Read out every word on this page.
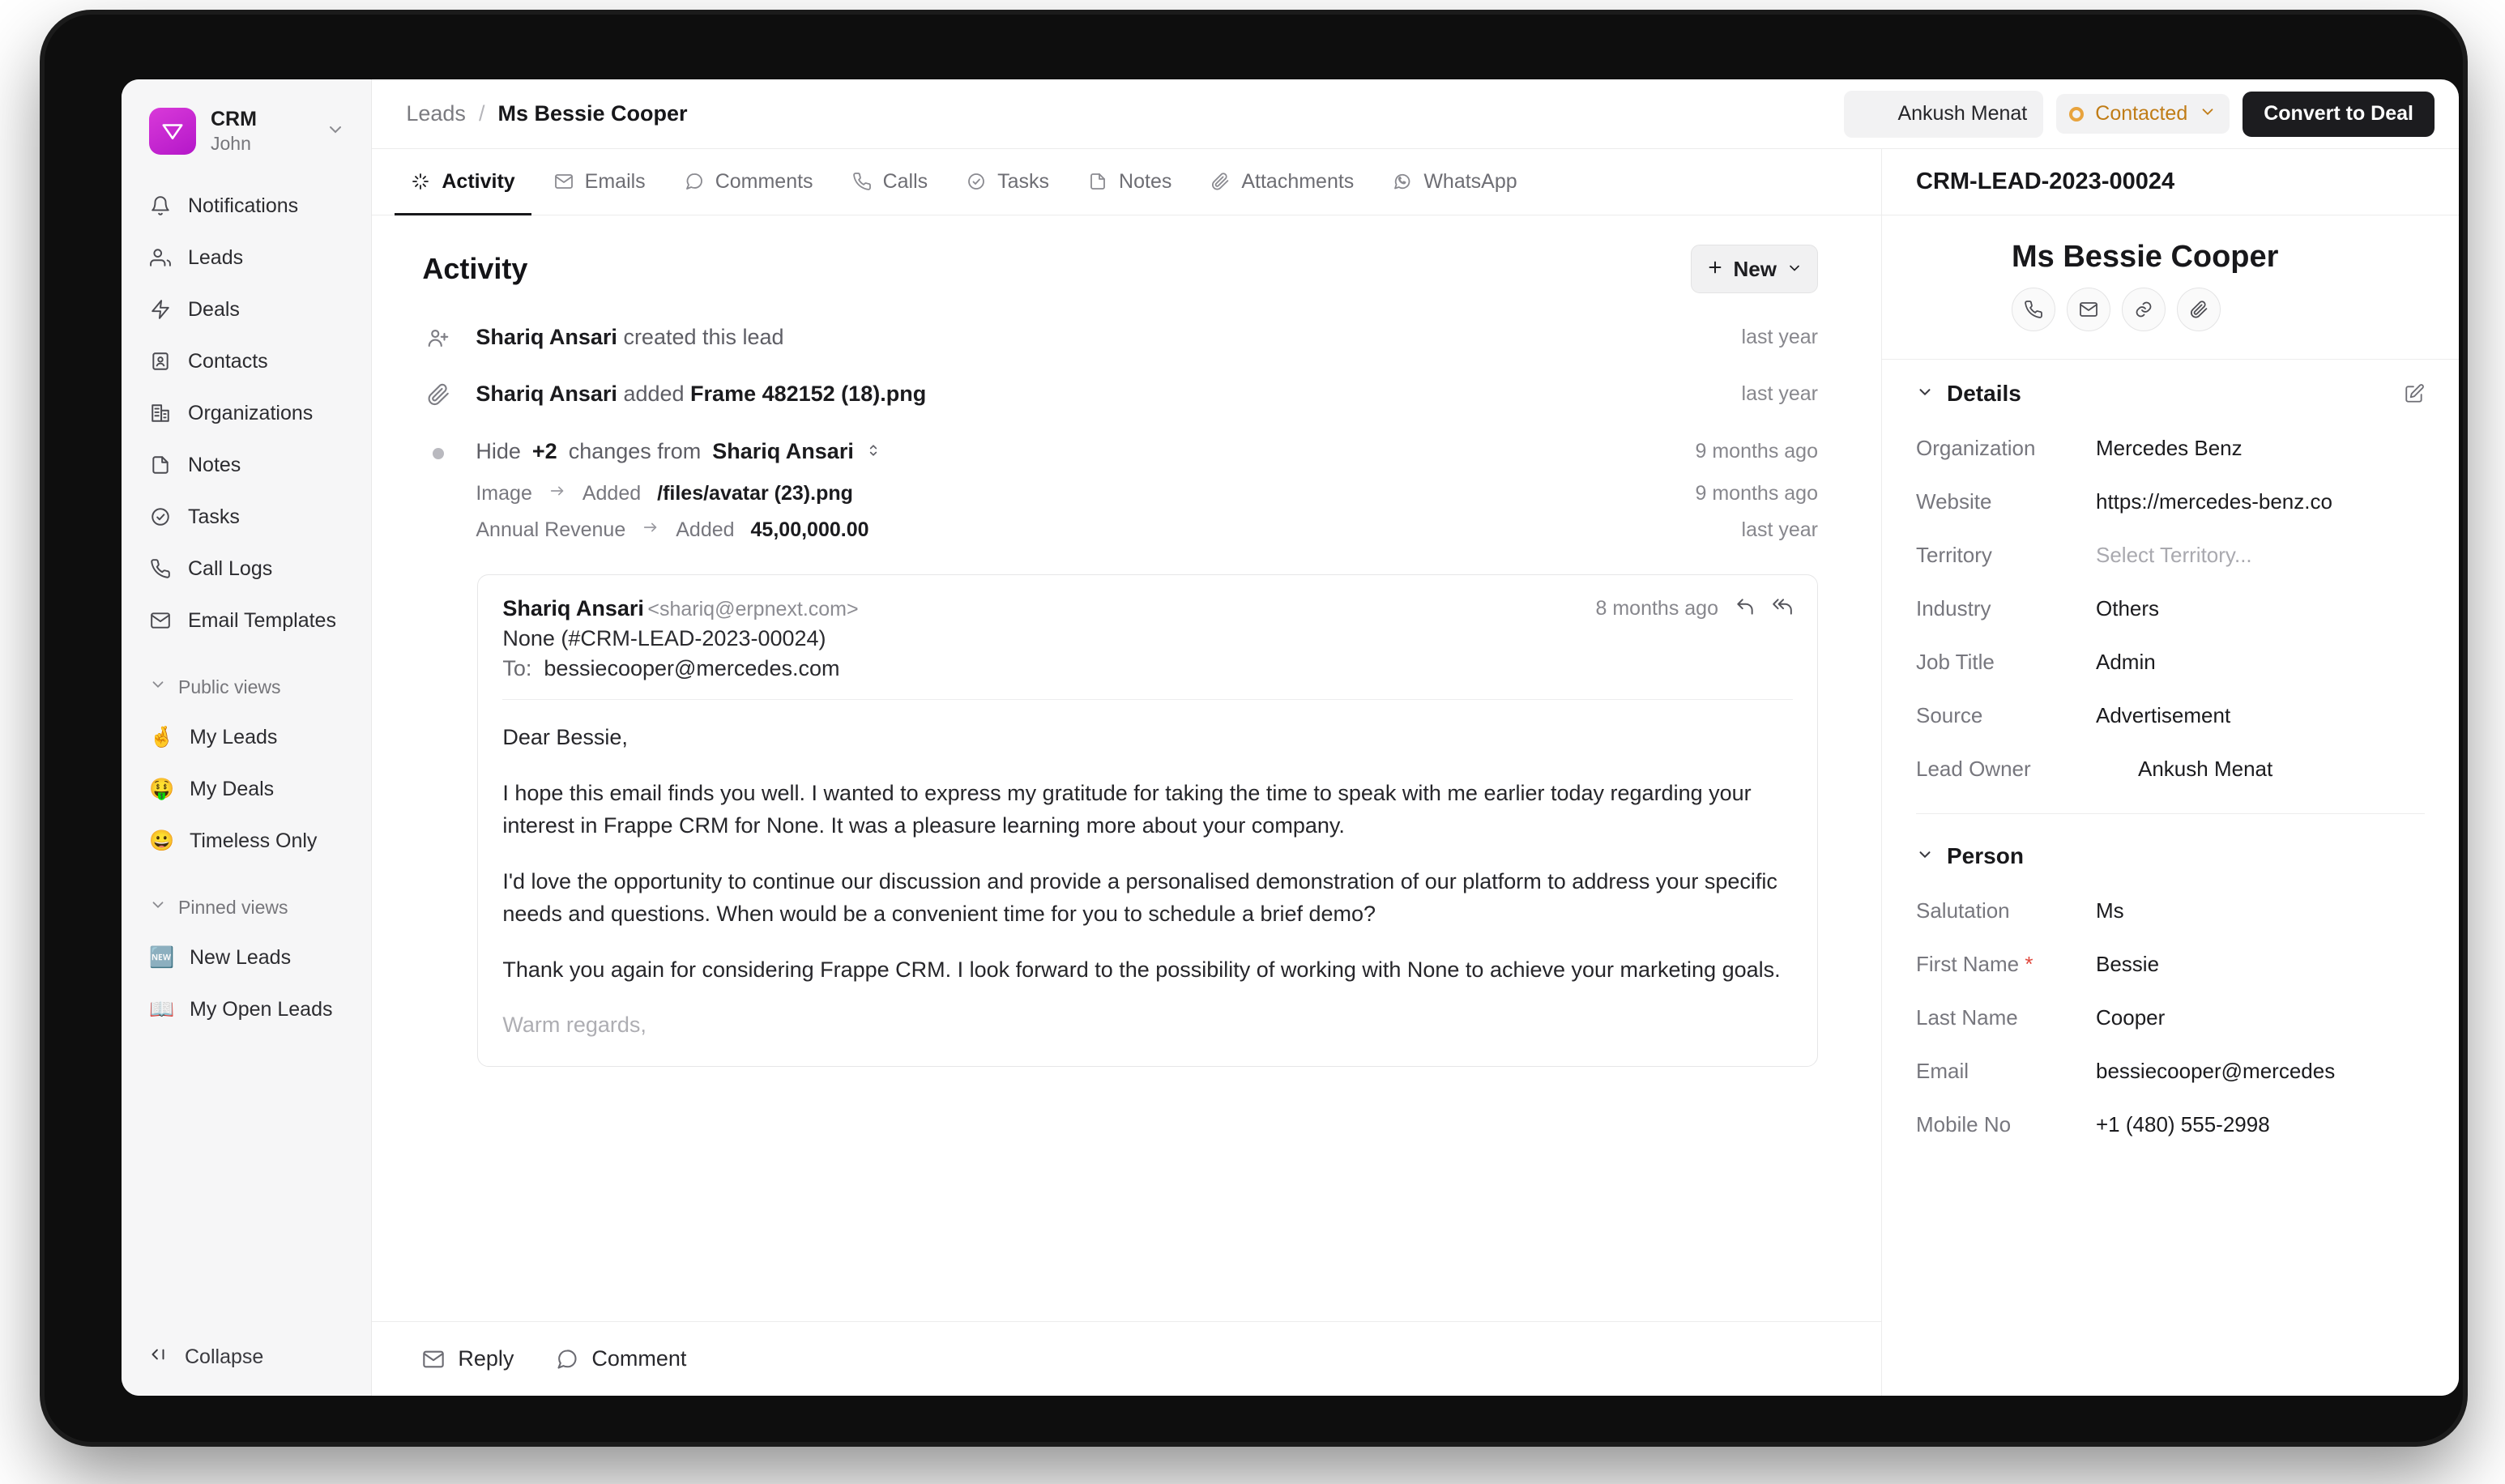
CRM
John
Notifications
Leads
Deals
Contacts
Organizations
Notes
Tasks
Call Logs
Email Templates
Public views
🤞 My Leads
🤑 My Deals
😀 Timeless Only
Pinned views
🆕 New Leads
📖 My Open Leads
Collapse
Leads / Ms Bessie Cooper	Ankush Menat	Contacted	Convert to Deal
Activity	Emails	Comments	Calls	Tasks	Notes	Attachments	WhatsApp
Activity	New
Shariq Ansari created this lead	last year
Shariq Ansari added Frame 482152 (18).png	last year
Hide +2 changes from Shariq Ansari	9 months ago
Image Added /files/avatar (23).png	9 months ago
Annual Revenue Added 45,00,000.00	last year
Shariq Ansari <shariq@erpnext.com>
None (#CRM-LEAD-2023-00024)
To: bessiecooper@mercedes.com
8 months ago

Dear Bessie,

I hope this email finds you well. I wanted to express my gratitude for taking the time to speak with me earlier today regarding your interest in Frappe CRM for None. It was a pleasure learning more about your company.

I'd love the opportunity to continue our discussion and provide a personalised demonstration of our platform to address your specific needs and questions. When would be a convenient time for you to schedule a brief demo?

Thank you again for considering Frappe CRM. I look forward to the possibility of working with None to achieve your marketing goals.

Warm regards,

Reply	Comment
CRM-LEAD-2023-00024
Ms Bessie Cooper
Details
Organization	Mercedes Benz
Website	https://mercedes-benz.co
Territory	Select Territory...
Industry	Others
Job Title	Admin
Source	Advertisement
Lead Owner	Ankush Menat
Person
Salutation	Ms
First Name *	Bessie
Last Name	Cooper
Email	bessiecooper@mercedes
Mobile No	+1 (480) 555-2998
